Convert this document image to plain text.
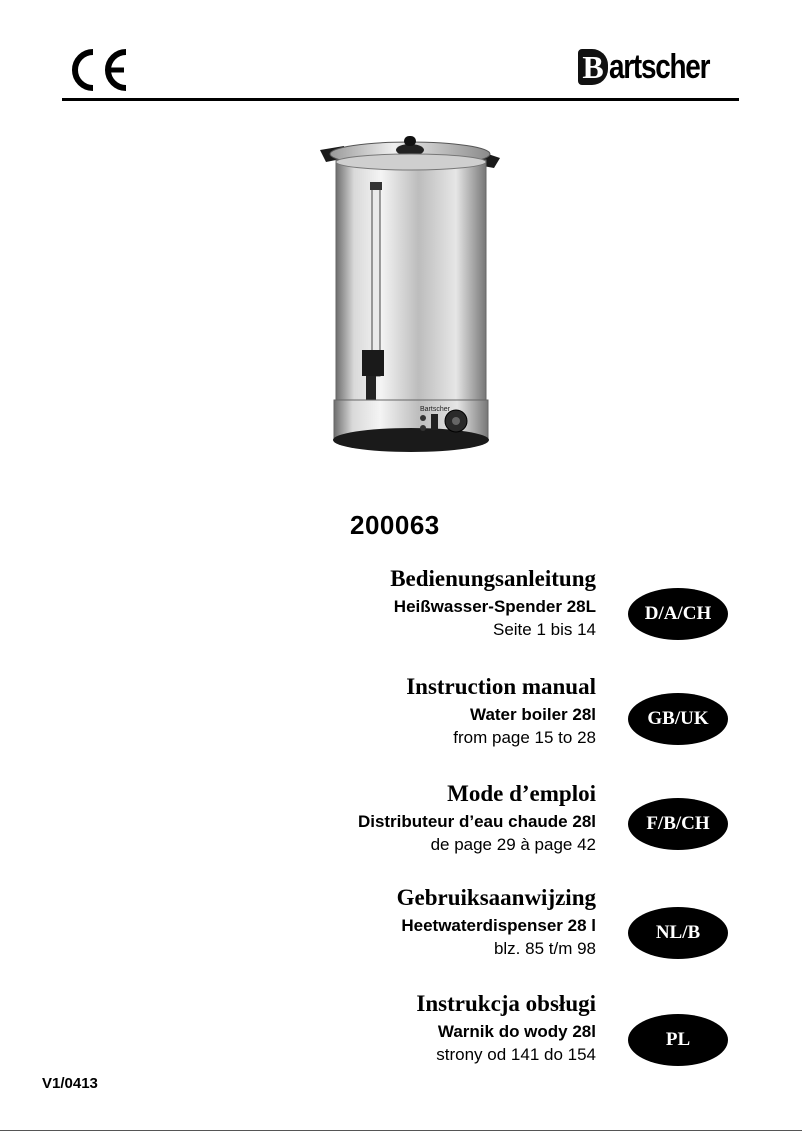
B artscher
Bartscher
200063
Bedienungsanleitung
Heißwasser-Spender 28L
Seite 1 bis 14
D/A/CH
Instruction manual
Water boiler 28l
from page 15 to 28
GB/UK
Mode d’emploi
Distributeur d’eau chaude 28l
de page 29 à page 42
F/B/CH
Gebruiksaanwijzing
Heetwaterdispenser 28 l
blz. 85 t/m 98
NL/B
Instrukcja obsługi
Warnik do wody 28l
strony od 141 do 154
PL
V1/0413
